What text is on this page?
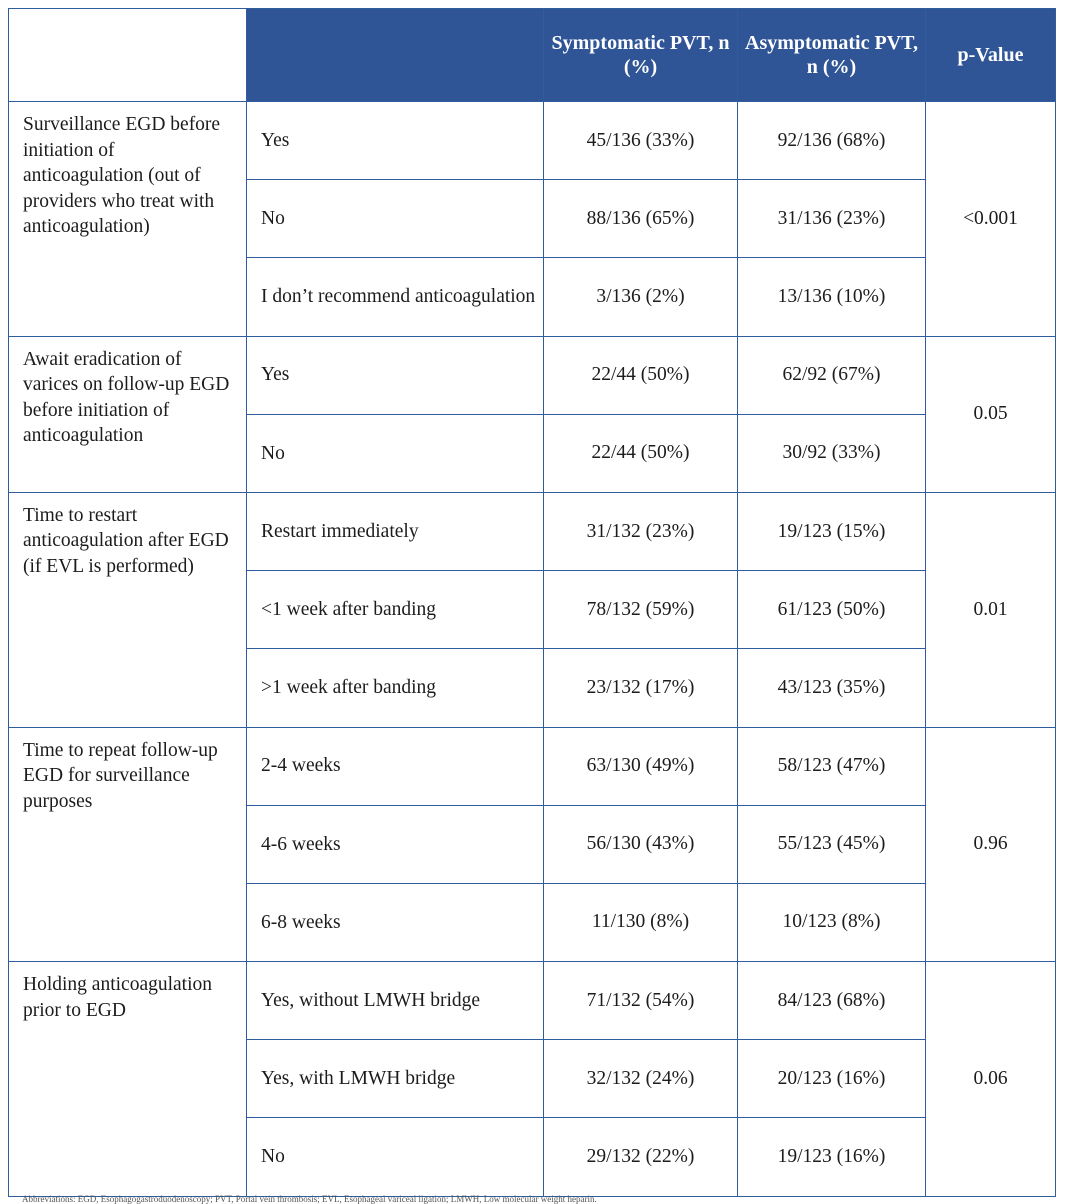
		Symptomatic PVT, n (%)	Asymptomatic PVT, n (%)	p-Value
Surveillance EGD before initiation of anticoagulation (out of providers who treat with anticoagulation)	Yes	45/136 (33%)	92/136 (68%)	<0.001
	No	88/136 (65%)	31/136 (23%)	
	I don’t recommend anticoagulation	3/136 (2%)	13/136 (10%)	
Await eradication of varices on follow-up EGD before initiation of anticoagulation	Yes	22/44 (50%)	62/92 (67%)	0.05
	No	22/44 (50%)	30/92 (33%)	
Time to restart anticoagulation after EGD (if EVL is performed)	Restart immediately	31/132 (23%)	19/123 (15%)	0.01
	<1 week after banding	78/132 (59%)	61/123 (50%)	
	>1 week after banding	23/132 (17%)	43/123 (35%)	
Time to repeat follow-up EGD for surveillance purposes	2-4 weeks	63/130 (49%)	58/123 (47%)	0.96
	4-6 weeks	56/130 (43%)	55/123 (45%)	
	6-8 weeks	11/130 (8%)	10/123 (8%)	
Holding anticoagulation prior to EGD	Yes, without LMWH bridge	71/132 (54%)	84/123 (68%)	0.06
	Yes, with LMWH bridge	32/132 (24%)	20/123 (16%)	
	No	29/132 (22%)	19/123 (16%)	
Abbreviations: EGD, Esophagogastroduodenoscopy; PVT, Portal vein thrombosis; EVL, Esophageal variceal ligation; LMWH, Low molecular weight heparin.
